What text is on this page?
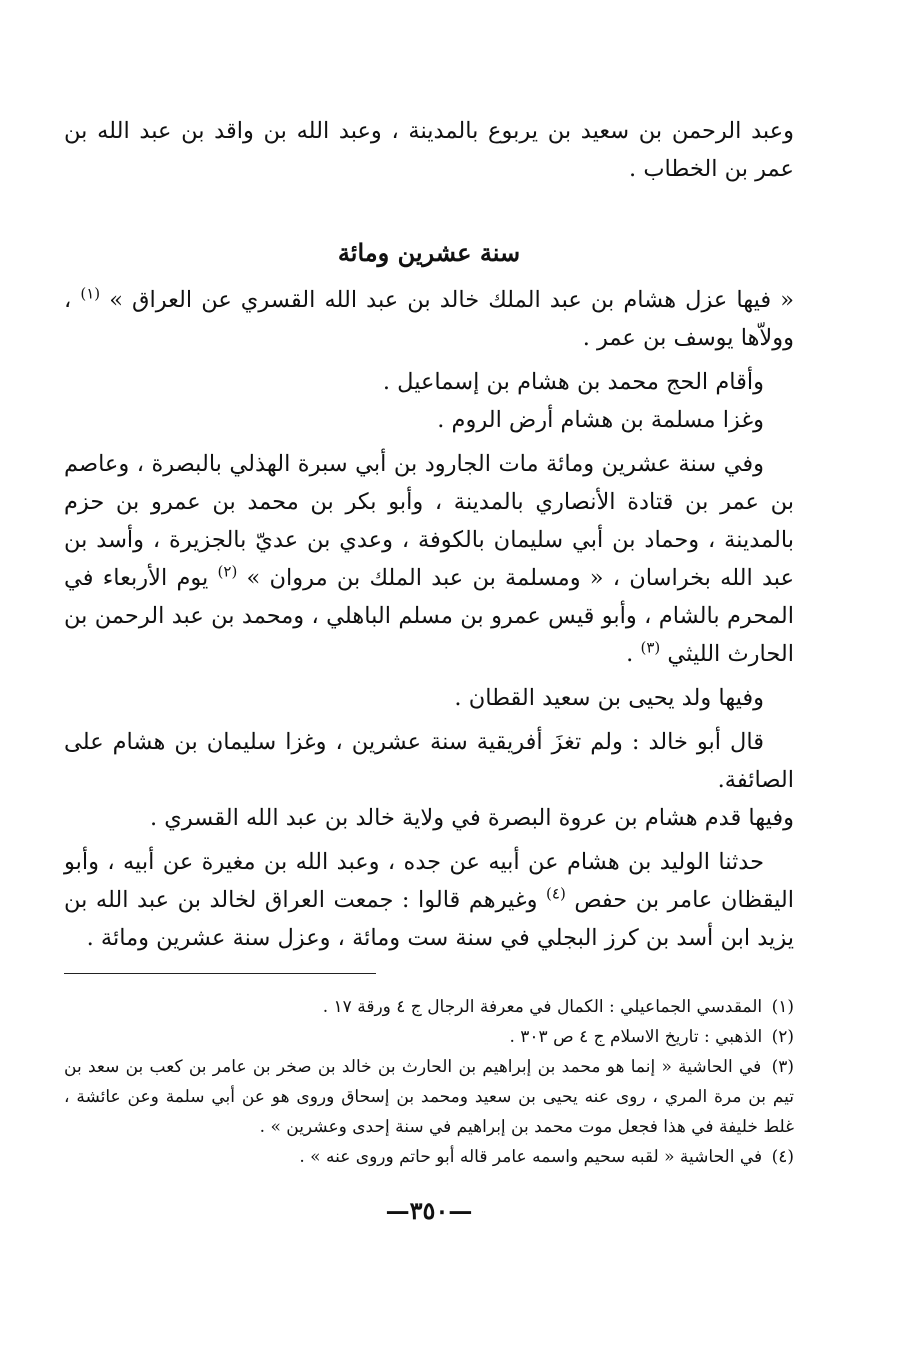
وعبد الرحمن بن سعيد بن يربوع بالمدينة ، وعبد الله بن واقد بن عبد الله بن عمر بن الخطاب .

سنة عشرين ومائة

« فيها عزل هشام بن عبد الملك خالد بن عبد الله القسري عن العراق » $^{(١)}$ ، وولاّها يوسف بن عمر .

وأقام الحج محمد بن هشام بن إسماعيل .

وغزا مسلمة بن هشام أرض الروم .

وفي سنة عشرين ومائة مات الجارود بن أبي سبرة الهذلي بالبصرة ، وعاصم بن عمر بن قتادة الأنصاري بالمدينة ، وأبو بكر بن محمد بن عمرو بن حزم بالمدينة ، وحماد بن أبي سليمان بالكوفة ، وعدي بن عديّ بالجزيرة ، وأسد بن عبد الله بخراسان ، « ومسلمة بن عبد الملك بن مروان » $^{(٢)}$ يوم الأربعاء في المحرم بالشام ، وأبو قيس عمرو بن مسلم الباهلي ، ومحمد بن عبد الرحمن بن الحارث الليثي $^{(٣)}$ .

وفيها ولد يحيى بن سعيد القطان .

قال أبو خالد : ولم تغزَ أفريقية سنة عشرين ، وغزا سليمان بن هشام على الصائفة.

وفيها قدم هشام بن عروة البصرة في ولاية خالد بن عبد الله القسري .

حدثنا الوليد بن هشام عن أبيه عن جده ، وعبد الله بن مغيرة عن أبيه ، وأبو اليقظان عامر بن حفص $^{(٤)}$ وغيرهم قالوا : جمعت العراق لخالد بن عبد الله بن يزيد ابن أسد بن كرز البجلي في سنة ست ومائة ، وعزل سنة عشرين ومائة .

(١) المقدسي الجماعيلي : الكمال في معرفة الرجال ج ٤ ورقة ١٧ .

(٢) الذهبي : تاريخ الاسلام ج ٤ ص ٣٠٣ .

(٣) في الحاشية « إنما هو محمد بن إبراهيم بن الحارث بن خالد بن صخر بن عامر بن كعب بن سعد بن تيم بن مرة المري ، روى عنه يحيى بن سعيد ومحمد بن إسحاق وروى هو عن أبي سلمة وعن عائشة ، غلط خليفة في هذا فجعل موت محمد بن إبراهيم في سنة إحدى وعشرين » .

(٤) في الحاشية « لقبه سحيم واسمه عامر قاله أبو حاتم وروى عنه » .

—٣٥٠—
